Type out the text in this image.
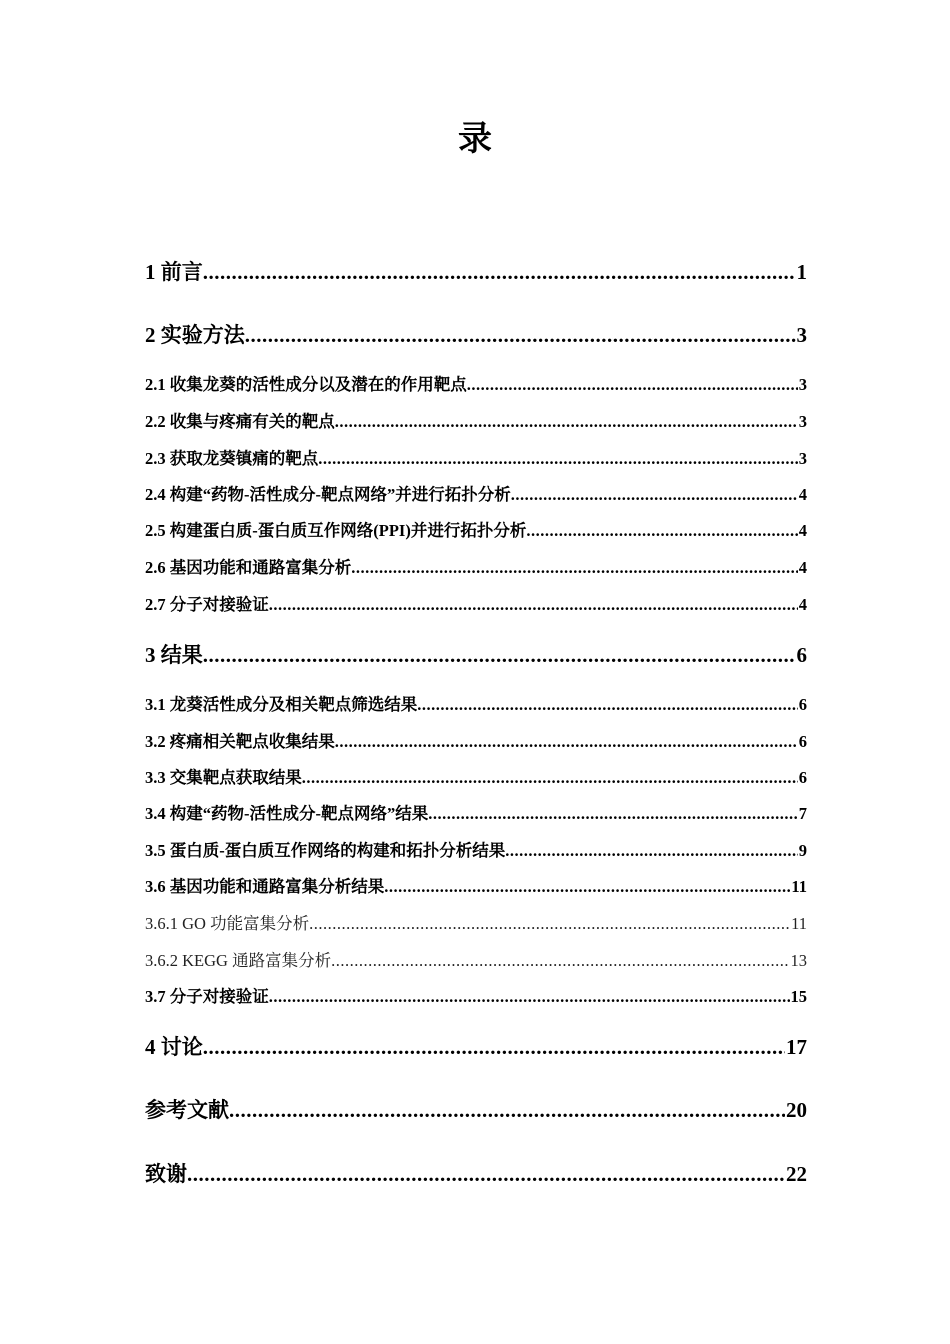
录
1 前言 .....	1
2 实验方法 .....	3
2.1 收集龙葵的活性成分以及潜在的作用靶点 .....	3
2.2 收集与疼痛有关的靶点 .....	3
2.3 获取龙葵镇痛的靶点 .....	3
2.4 构建“药物-活性成分-靶点网络”并进行拓扑分析 .....	4
2.5 构建蛋白质-蛋白质互作网络(PPI)并进行拓扑分析 .....	4
2.6 基因功能和通路富集分析 .....	4
2.7 分子对接验证 .....	4
3 结果 .....	6
3.1 龙葵活性成分及相关靶点筛选结果 .....	6
3.2 疼痛相关靶点收集结果 .....	6
3.3 交集靶点获取结果 .....	6
3.4 构建“药物-活性成分-靶点网络”结果 .....	7
3.5 蛋白质-蛋白质互作网络的构建和拓扑分析结果 .....	9
3.6 基因功能和通路富集分析结果 .....	11
3.6.1 GO 功能富集分析 .....	11
3.6.2 KEGG 通路富集分析 .....	13
3.7 分子对接验证 .....	15
4 讨论 .....	17
参考文献 .....	20
致谢 .....	22
